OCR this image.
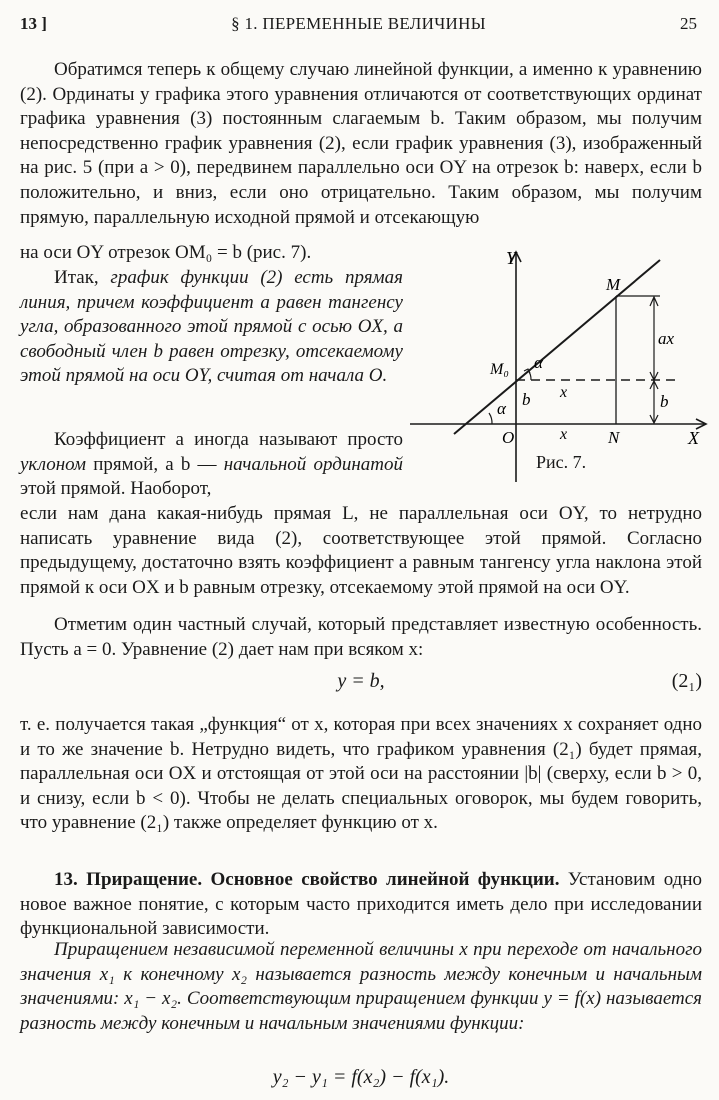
13 ]	§ 1. ПЕРЕМЕННЫЕ ВЕЛИЧИНЫ	25

Обратимся теперь к общему случаю линейной функции, а именно к уравнению (2). Ординаты y графика этого уравнения отличаются от соответствующих ординат графика уравнения (3) постоянным слагаемым b. Таким образом, мы получим непосредственно график уравнения (2), если график уравнения (3), изображенный на рис. 5 (при a > 0), передвинем параллельно оси OY на отрезок b: наверх, если b положительно, и вниз, если оно отрицательно. Таким образом, мы получим прямую, параллельную исходной прямой и отсекающую

на оси OY отрезок OM₀ = b (рис. 7).

Итак, график функции (2) есть прямая линия, причем коэффициент a равен тангенсу угла, образованного этой прямой с осью OX, а свободный член b равен отрезку, отсекаемому этой прямой на оси OY, считая от начала O.

Коэффициент a иногда называют просто уклоном прямой, а b — начальной ординатой этой прямой. Наоборот,

если нам дана какая-нибудь прямая L, не параллельная оси OY, то нетрудно написать уравнение вида (2), соответствующее этой прямой. Согласно предыдущему, достаточно взять коэффициент a равным тангенсу угла наклона этой прямой к оси OX и b равным отрезку, отсекаемому этой прямой на оси OY.

Отметим один частный случай, который представляет известную особенность. Пусть a = 0. Уравнение (2) дает нам при всяком x:

y = b,	(2₁)

т. е. получается такая „функция“ от x, которая при всех значениях x сохраняет одно и то же значение b. Нетрудно видеть, что графиком уравнения (2₁) будет прямая, параллельная оси OX и отстоящая от этой оси на расстоянии |b| (сверху, если b > 0, и снизу, если b < 0). Чтобы не делать специальных оговорок, мы будем говорить, что уравнение (2₁) также определяет функцию от x.

13. Приращение. Основное свойство линейной функции. Установим одно новое важное понятие, с которым часто приходится иметь дело при исследовании функциональной зависимости.

Приращением независимой переменной величины x при переходе от начального значения x₁ к конечному x₂ называется разность между конечным и начальным значениями: x₁ − x₂. Соответствующим приращением функции y = f(x) называется разность между конечным и начальным значениями функции:

y₂ − y₁ = f(x₂) − f(x₁).
Y
X
O
M
M₀
N
α
α
ax
x
x
b	b
Рис. 7.
